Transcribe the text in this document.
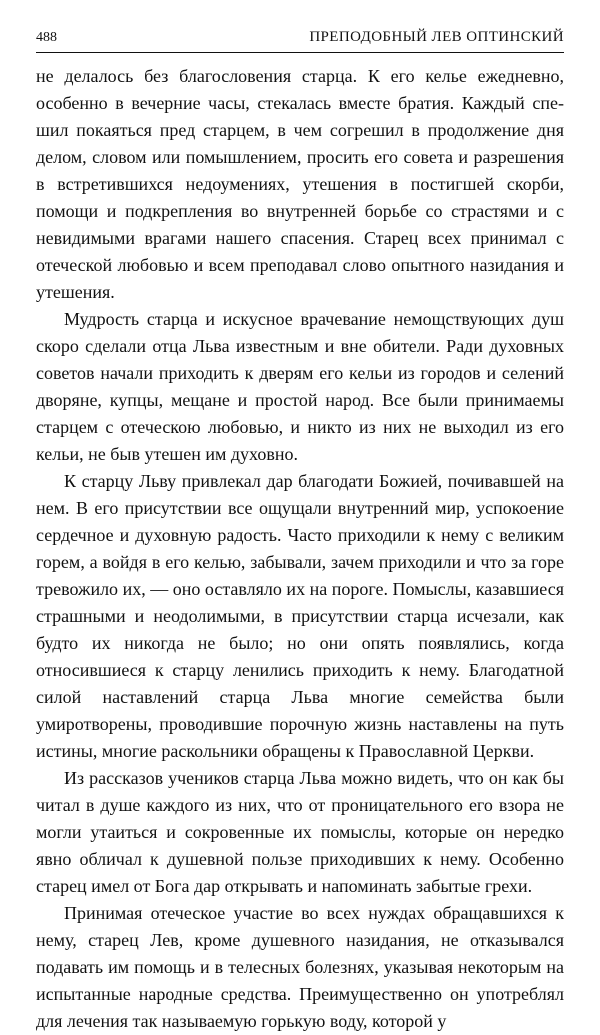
488	ПРЕПОДОБНЫЙ ЛЕВ ОПТИНСКИЙ

не делалось без благословения старца. К его келье ежедневно, особенно в вечерние часы, стекалась вместе братия. Каждый спешил покаяться пред старцем, в чем согрешил в продолжение дня делом, словом или помышлением, просить его совета и разрешения в встретившихся недоумениях, утешения в постигшей скорби, помощи и подкрепления во внутренней борьбе со страстями и с невидимыми врагами нашего спасения. Старец всех принимал с отеческой любовью и всем преподавал слово опытного назидания и утешения.

Мудрость старца и искусное врачевание немощствующих душ скоро сделали отца Льва известным и вне обители. Ради духовных советов начали приходить к дверям его кельи из городов и селений дворяне, купцы, мещане и простой народ. Все были принимаемы старцем с отеческою любовью, и никто из них не выходил из его кельи, не быв утешен им духовно.

К старцу Льву привлекал дар благодати Божией, почивавшей на нем. В его присутствии все ощущали внутренний мир, успокоение сердечное и духовную радость. Часто приходили к нему с великим горем, а войдя в его келью, забывали, зачем приходили и что за горе тревожило их, — оно оставляло их на пороге. Помыслы, казавшиеся страшными и неодолимыми, в присутствии старца исчезали, как будто их никогда не было; но они опять появлялись, когда относившиеся к старцу ленились приходить к нему. Благодатной силой наставлений старца Льва многие семейства были умиротворены, проводившие порочную жизнь наставлены на путь истины, многие раскольники обращены к Православной Церкви.

Из рассказов учеников старца Льва можно видеть, что он как бы читал в душе каждого из них, что от проницательного его взора не могли утаиться и сокровенные их помыслы, которые он нередко явно обличал к душевной пользе приходивших к нему. Особенно старец имел от Бога дар открывать и напоминать забытые грехи.

Принимая отеческое участие во всех нуждах обращавшихся к нему, старец Лев, кроме душевного назидания, не отказывался подавать им помощь и в телесных болезнях, указывая некоторым на испытанные народные средства. Преимущественно он употреблял для лечения так называемую горькую воду, которой у
